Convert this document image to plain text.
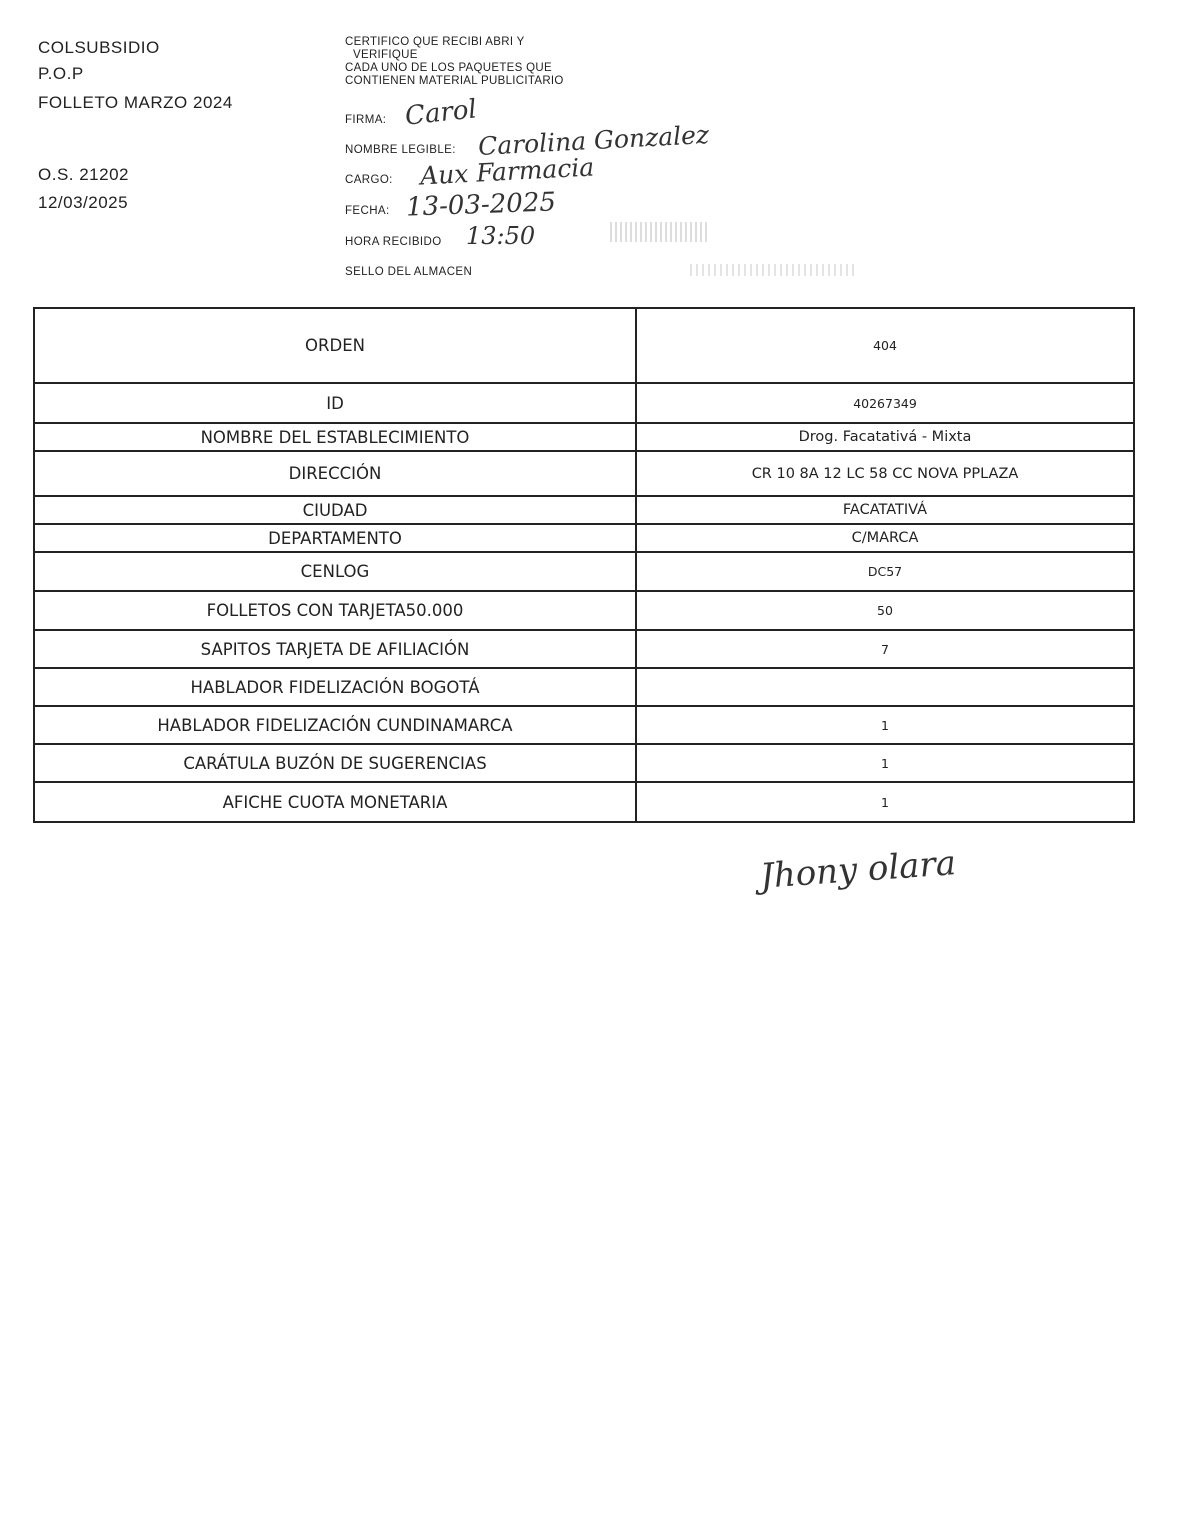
COLSUBSIDIO
P.O.P
FOLLETO MARZO 2024
O.S. 21202
12/03/2025
CERTIFICO QUE RECIBI ABRI Y
VERIFIQUE
CADA UNO DE LOS PAQUETES QUE
CONTIENEN MATERIAL PUBLICITARIO
FIRMA: Carol
NOMBRE LEGIBLE: Carolina Gonzalez
CARGO: Aux Farmacia
FECHA: 13-03-2025
HORA RECIBIDO 13:50
SELLO DEL ALMACEN
ORDEN	404
ID	40267349
NOMBRE DEL ESTABLECIMIENTO	Drog. Facatativá - Mixta
DIRECCIÓN	CR 10 8A 12 LC 58 CC NOVA PPLAZA
CIUDAD	FACATATIVÁ
DEPARTAMENTO	C/MARCA
CENLOG	DC57
FOLLETOS CON TARJETA50.000	50
SAPITOS TARJETA DE AFILIACIÓN	7
HABLADOR FIDELIZACIÓN BOGOTÁ	
HABLADOR FIDELIZACIÓN CUNDINAMARCA	1
CARÁTULA BUZÓN DE SUGERENCIAS	1
AFICHE CUOTA MONETARIA	1
Jhony olara
